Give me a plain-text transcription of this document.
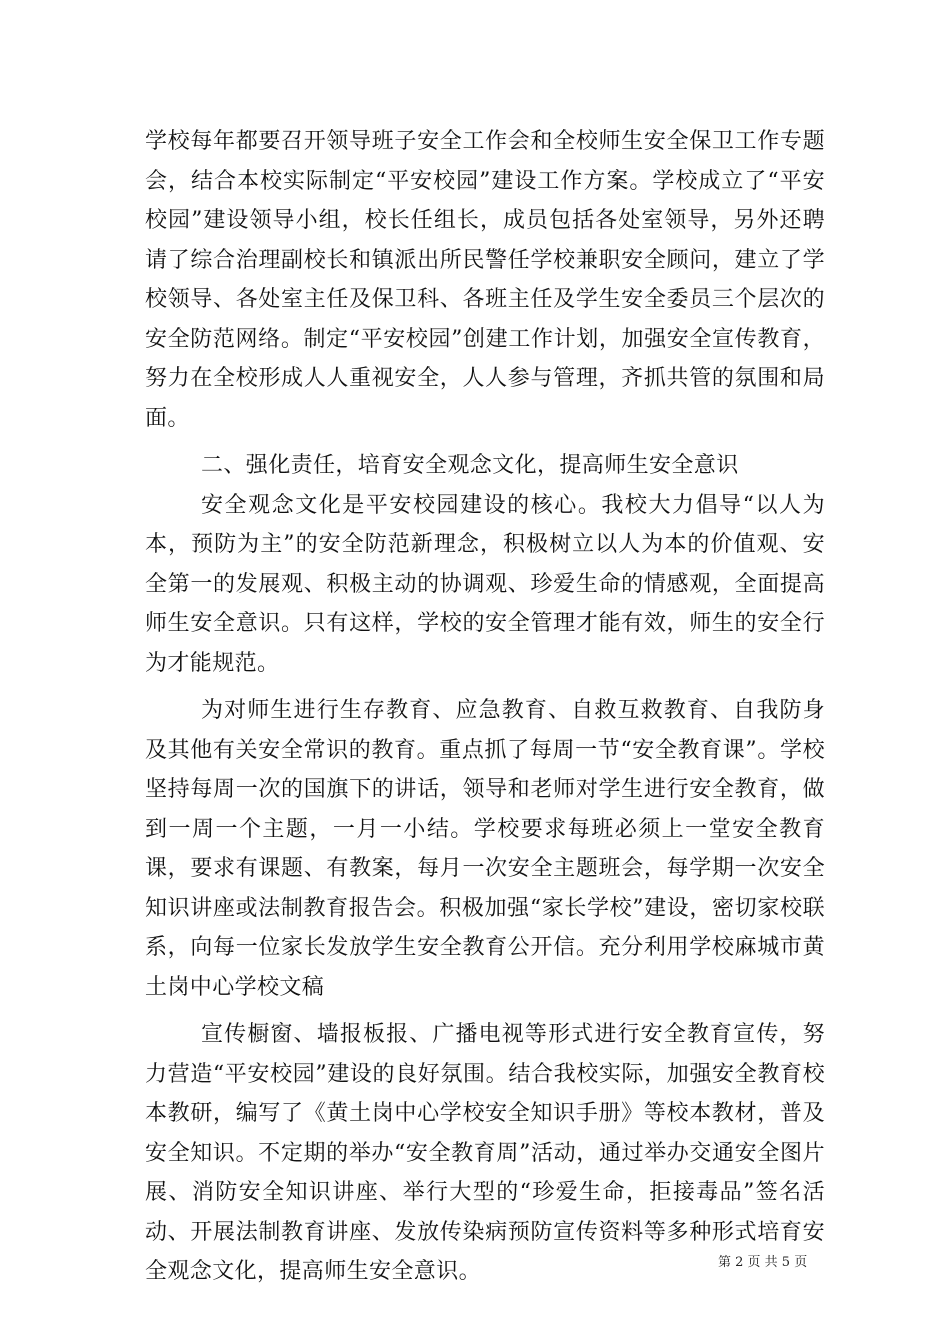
学校每年都要召开领导班子安全工作会和全校师生安全保卫工作专题会，结合本校实际制定“平安校园”建设工作方案。学校成立了“平安校园”建设领导小组，校长任组长，成员包括各处室领导，另外还聘请了综合治理副校长和镇派出所民警任学校兼职安全顾问，建立了学校领导、各处室主任及保卫科、各班主任及学生安全委员三个层次的安全防范网络。制定“平安校园”创建工作计划，加强安全宣传教育，努力在全校形成人人重视安全，人人参与管理，齐抓共管的氛围和局面。

二、强化责任，培育安全观念文化，提高师生安全意识

安全观念文化是平安校园建设的核心。我校大力倡导“以人为本，预防为主”的安全防范新理念，积极树立以人为本的价值观、安全第一的发展观、积极主动的协调观、珍爱生命的情感观，全面提高师生安全意识。只有这样，学校的安全管理才能有效，师生的安全行为才能规范。

为对师生进行生存教育、应急教育、自救互救教育、自我防身及其他有关安全常识的教育。重点抓了每周一节“安全教育课”。学校坚持每周一次的国旗下的讲话，领导和老师对学生进行安全教育，做到一周一个主题，一月一小结。学校要求每班必须上一堂安全教育课，要求有课题、有教案，每月一次安全主题班会，每学期一次安全知识讲座或法制教育报告会。积极加强“家长学校”建设，密切家校联系，向每一位家长发放学生安全教育公开信。充分利用学校麻城市黄土岗中心学校文稿

宣传橱窗、墙报板报、广播电视等形式进行安全教育宣传，努力营造“平安校园”建设的良好氛围。结合我校实际，加强安全教育校本教研，编写了《黄土岗中心学校安全知识手册》等校本教材，普及安全知识。不定期的举办“安全教育周”活动，通过举办交通安全图片展、消防安全知识讲座、举行大型的“珍爱生命，拒接毒品”签名活动、开展法制教育讲座、发放传染病预防宣传资料等多种形式培育安全观念文化，提高师生安全意识。	第 2 页 共 5 页
